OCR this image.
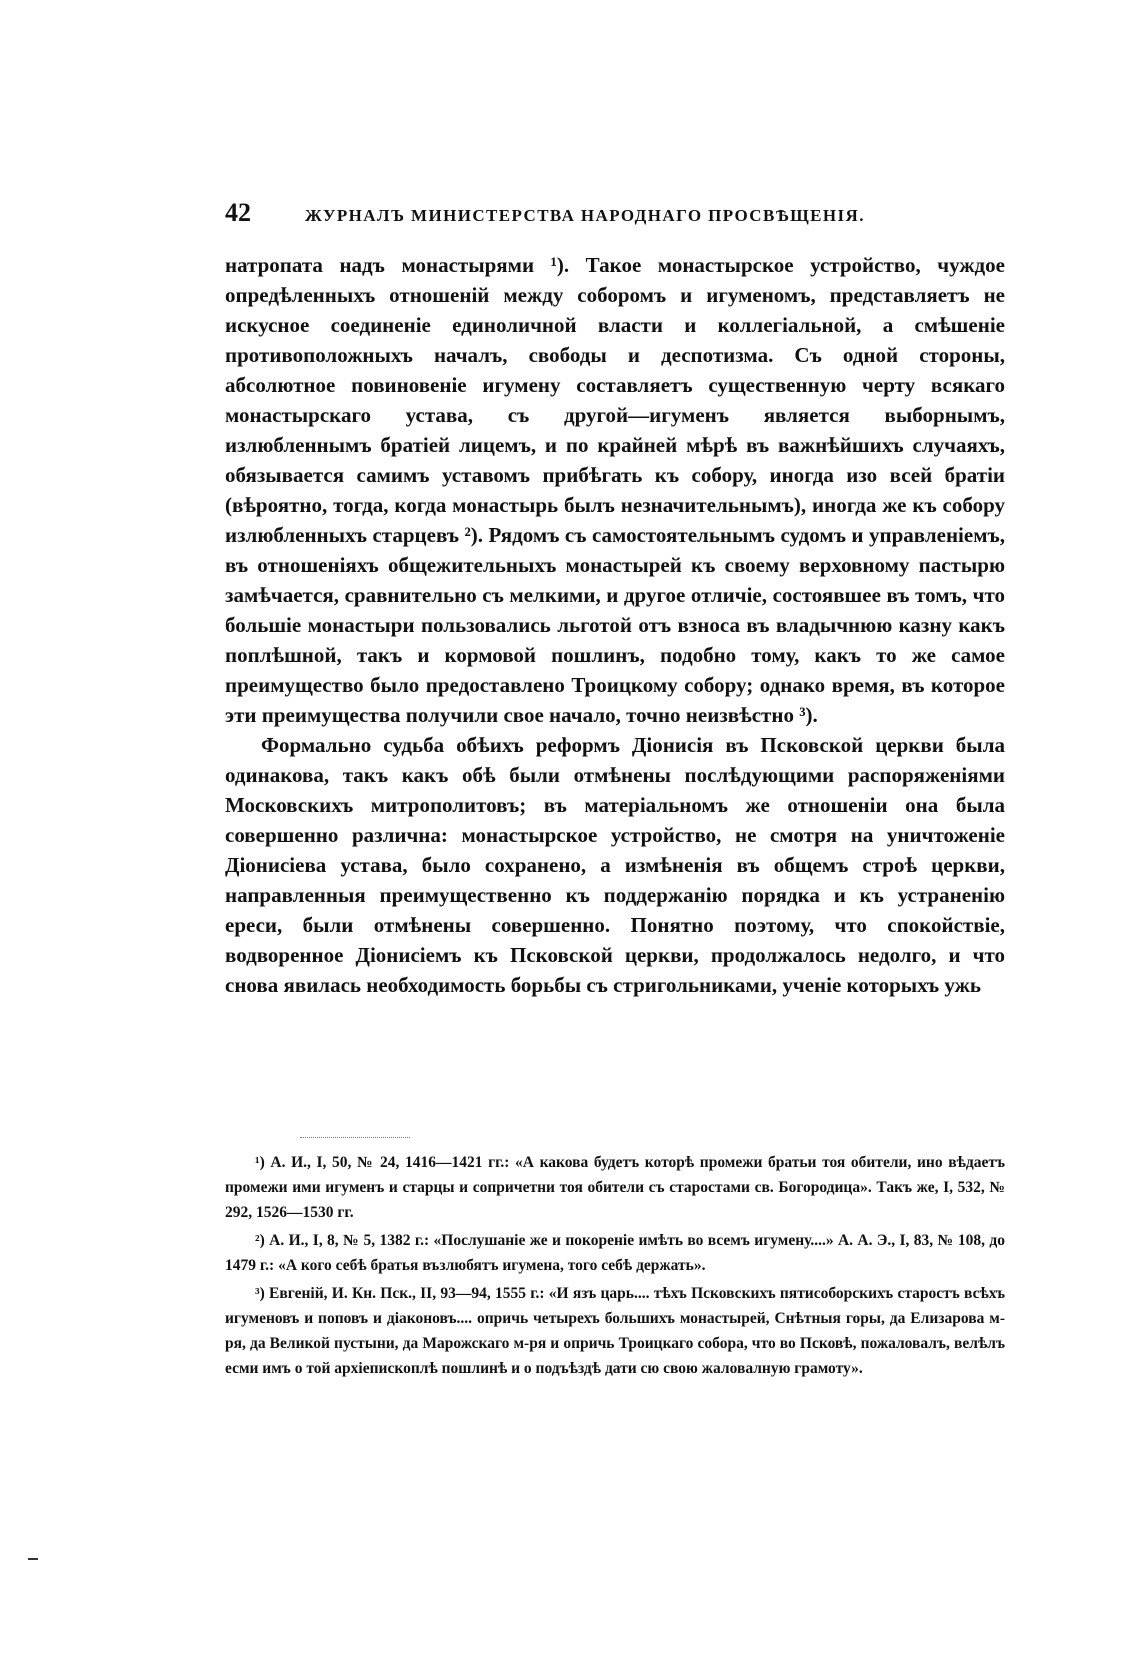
42	ЖУРНАЛЪ МИНИСТЕРСТВА НАРОДНАГО ПРОСВѢЩЕНІЯ.

натропата надъ монастырями ¹). Такое монастырское устройство, чуждое опредѣленныхъ отношеній между соборомъ и игуменомъ, представляетъ не искусное соединеніе единоличной власти и коллегіальной, а смѣшеніе противоположныхъ началъ, свободы и деспотизма. Съ одной стороны, абсолютное повиновеніе игумену составляетъ существенную черту всякаго монастырскаго устава, съ другой—игуменъ является выборнымъ, излюбленнымъ братіей лицемъ, и по крайней мѣрѣ въ важнѣйшихъ случаяхъ, обязывается самимъ уставомъ прибѣгать къ собору, иногда изо всей братіи (вѣроятно, тогда, когда монастырь былъ незначительнымъ), иногда же къ собору излюбленныхъ старцевъ ²). Рядомъ съ самостоятельнымъ судомъ и управленіемъ, въ отношеніяхъ общежительныхъ монастырей къ своему верховному пастырю замѣчается, сравнительно съ мелкими, и другое отличіе, состоявшее въ томъ, что большіе монастыри пользовались льготой отъ взноса въ владычнюю казну какъ поплѣшной, такъ и кормовой пошлинъ, подобно тому, какъ то же самое преимущество было предоставлено Троицкому собору; однако время, въ которое эти преимущества получили свое начало, точно неизвѣстно ³).

Формально судьба обѣихъ реформъ Діонисія въ Псковской церкви была одинакова, такъ какъ обѣ были отмѣнены послѣдующими распоряженіями Московскихъ митрополитовъ; въ матеріальномъ же отношеніи она была совершенно различна: монастырское устройство, не смотря на уничтоженіе Діонисіева устава, было сохранено, а измѣненія въ общемъ строѣ церкви, направленныя преимущественно къ поддержанію порядка и къ устраненію ереси, были отмѣнены совершенно. Понятно поэтому, что спокойствіе, водворенное Діонисіемъ къ Псковской церкви, продолжалось недолго, и что снова явилась необходимость борьбы съ стригольниками, ученіе которыхъ ужь

¹) А. И., I, 50, № 24, 1416—1421 гг.: «А какова будетъ которѣ промежи братьи тоя обители, ино вѣдаетъ промежи ими игуменъ и старцы и сопричетни тоя обители съ старостами св. Богородица». Такъ же, I, 532, № 292, 1526—1530 гг.

²) А. И., I, 8, № 5, 1382 г.: «Послушаніе же и покореніе имѣть во всемъ игумену....» А. А. Э., I, 83, № 108, до 1479 г.: «А кого себѣ братья възлюбятъ игумена, того себѣ держать».

³) Евгеній, И. Кн. Пск., II, 93—94, 1555 г.: «И язъ царь.... тѣхъ Псковскихъ пятисоборскихъ старостъ всѣхъ игуменовъ и поповъ и діаконовъ.... опричь четырехъ большихъ монастырей, Снѣтныя горы, да Елизарова м-ря, да Великой пустыни, да Марожскаго м-ря и опричь Троицкаго собора, что во Псковѣ, пожаловалъ, велѣлъ есми имъ о той архіепископлѣ пошлинѣ и о подъѣздѣ дати сю свою жаловалную грамоту».
